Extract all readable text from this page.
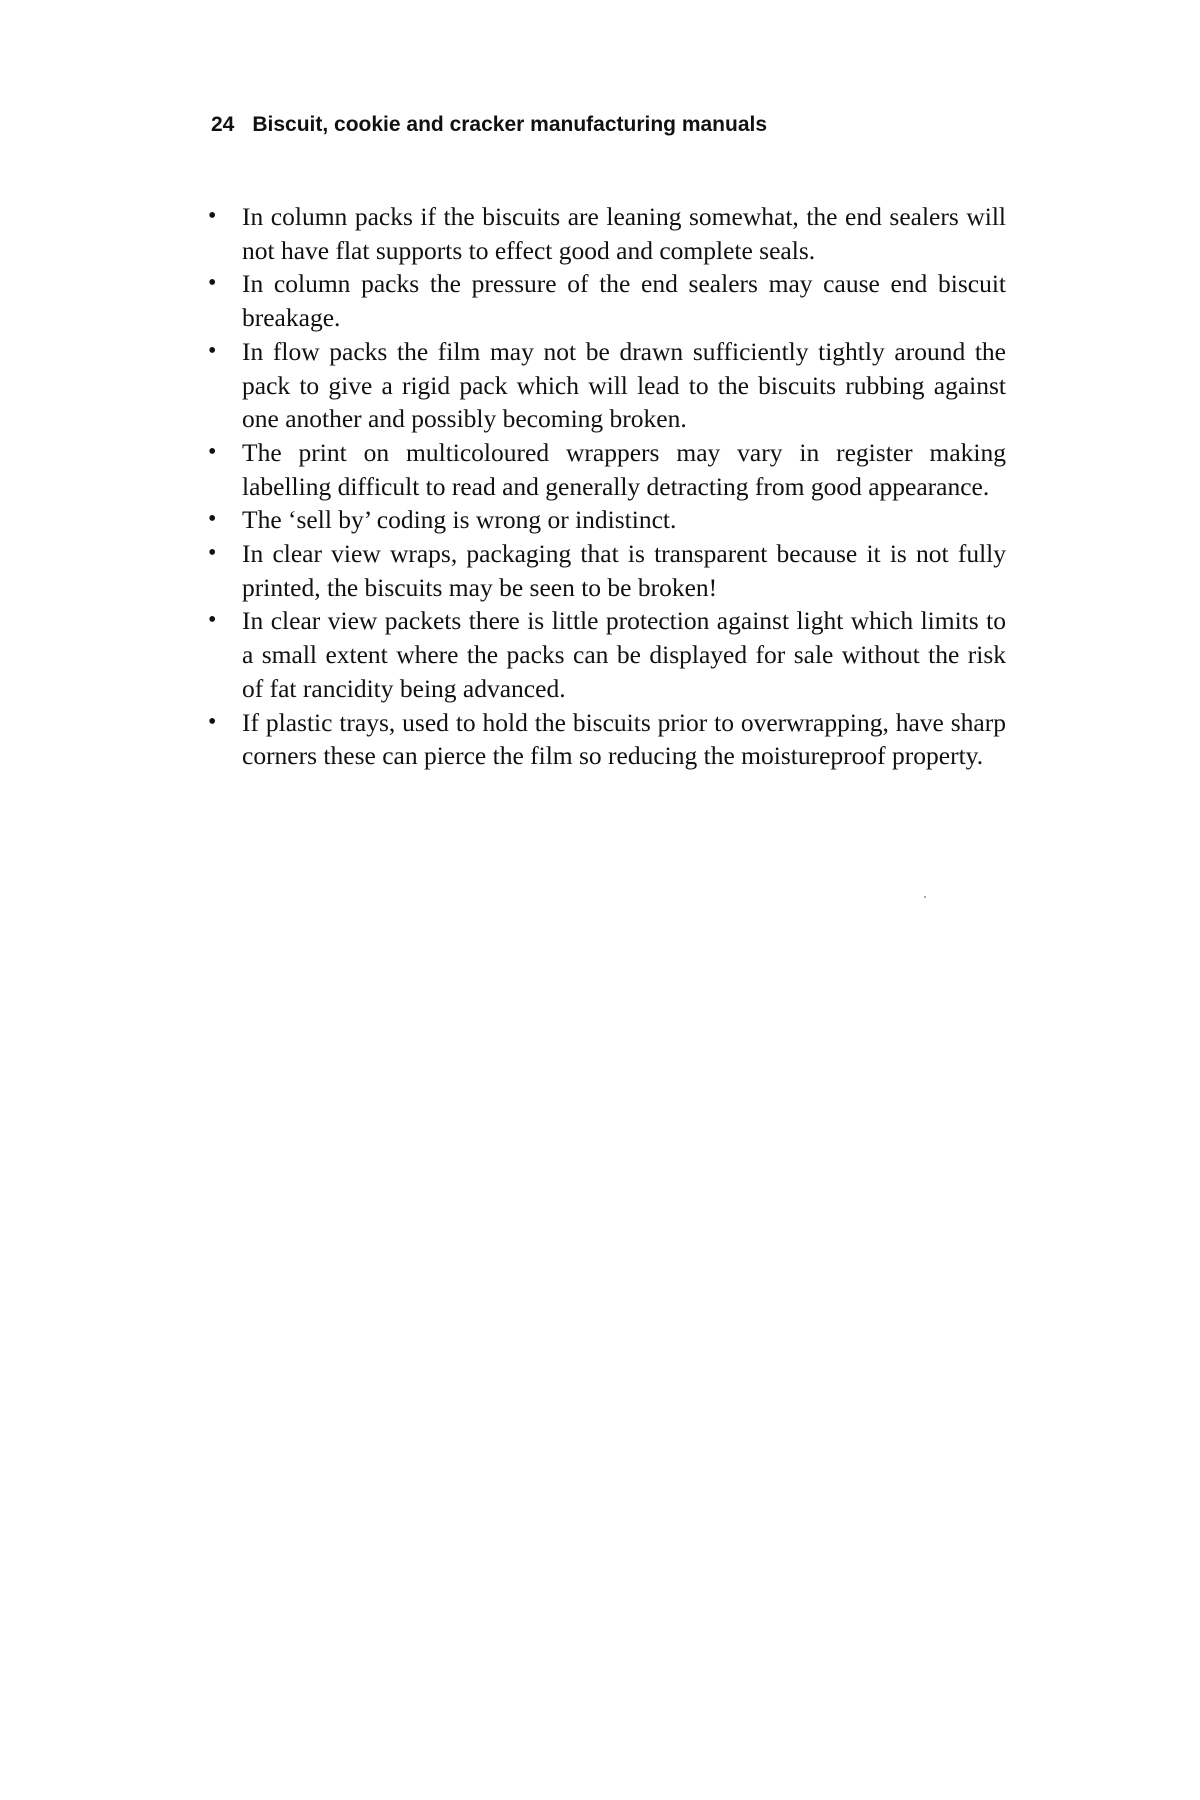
24 Biscuit, cookie and cracker manufacturing manuals
•	In column packs if the biscuits are leaning somewhat, the end sealers will not have flat supports to effect good and complete seals.
•	In column packs the pressure of the end sealers may cause end biscuit breakage.
•	In flow packs the film may not be drawn sufficiently tightly around the pack to give a rigid pack which will lead to the biscuits rubbing against one another and possibly becoming broken.
•	The print on multicoloured wrappers may vary in register making labelling difficult to read and generally detracting from good appearance.
•	The ‘sell by’ coding is wrong or indistinct.
•	In clear view wraps, packaging that is transparent because it is not fully printed, the biscuits may be seen to be broken!
•	In clear view packets there is little protection against light which limits to a small extent where the packs can be displayed for sale without the risk of fat rancidity being advanced.
•	If plastic trays, used to hold the biscuits prior to overwrapping, have sharp corners these can pierce the film so reducing the moistureproof property.
